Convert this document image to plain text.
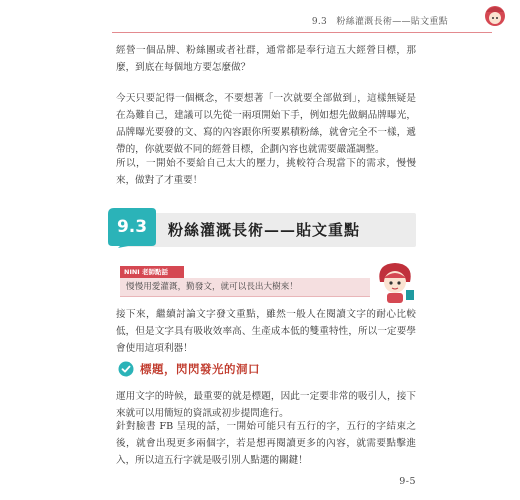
9.3　粉絲灌溉長術——貼文重點

經營一個品牌、粉絲團或者社群，通常都是奉行這五大經營目標，那麼，到底在每個地方要怎麼做？

今天只要記得一個概念，不要想著「一次就要全部做到」，這樣無疑是在為難自己，建議可以先從一兩項開始下手，例如想先做網品牌曝光，品牌曝光要發的文、寫的內容跟你所要累積粉絲，就會完全不一樣，遞帶的，你就要做不同的經營目標，企劃內容也就需要嚴謹調整。

所以，一開始不要給自己太大的壓力，挑較符合現當下的需求，慢慢來，做對了才重要！

9.3	粉絲灌溉長術——貼文重點
NINI 老師點話
慢慢用愛灌溉，勤發文，就可以長出大樹來！

接下來，繼續討論文字發文重點，雖然一般人在閱讀文字的耐心比較低，但是文字具有吸收效率高、生產成本低的雙重特性，所以一定要學會使用這項利器！

標題，閃閃發光的洞口

運用文字的時候，最重要的就是標題，因此一定要非常的吸引人，接下來就可以用簡短的資訊或初步提問進行。

針對臉書 FB 呈現的話，一開始可能只有五行的字，五行的字結束之後，就會出現更多兩個字，若是想再閱讀更多的內容，就需要點擊進入，所以這五行字就是吸引別人點選的關鍵！

9-5
